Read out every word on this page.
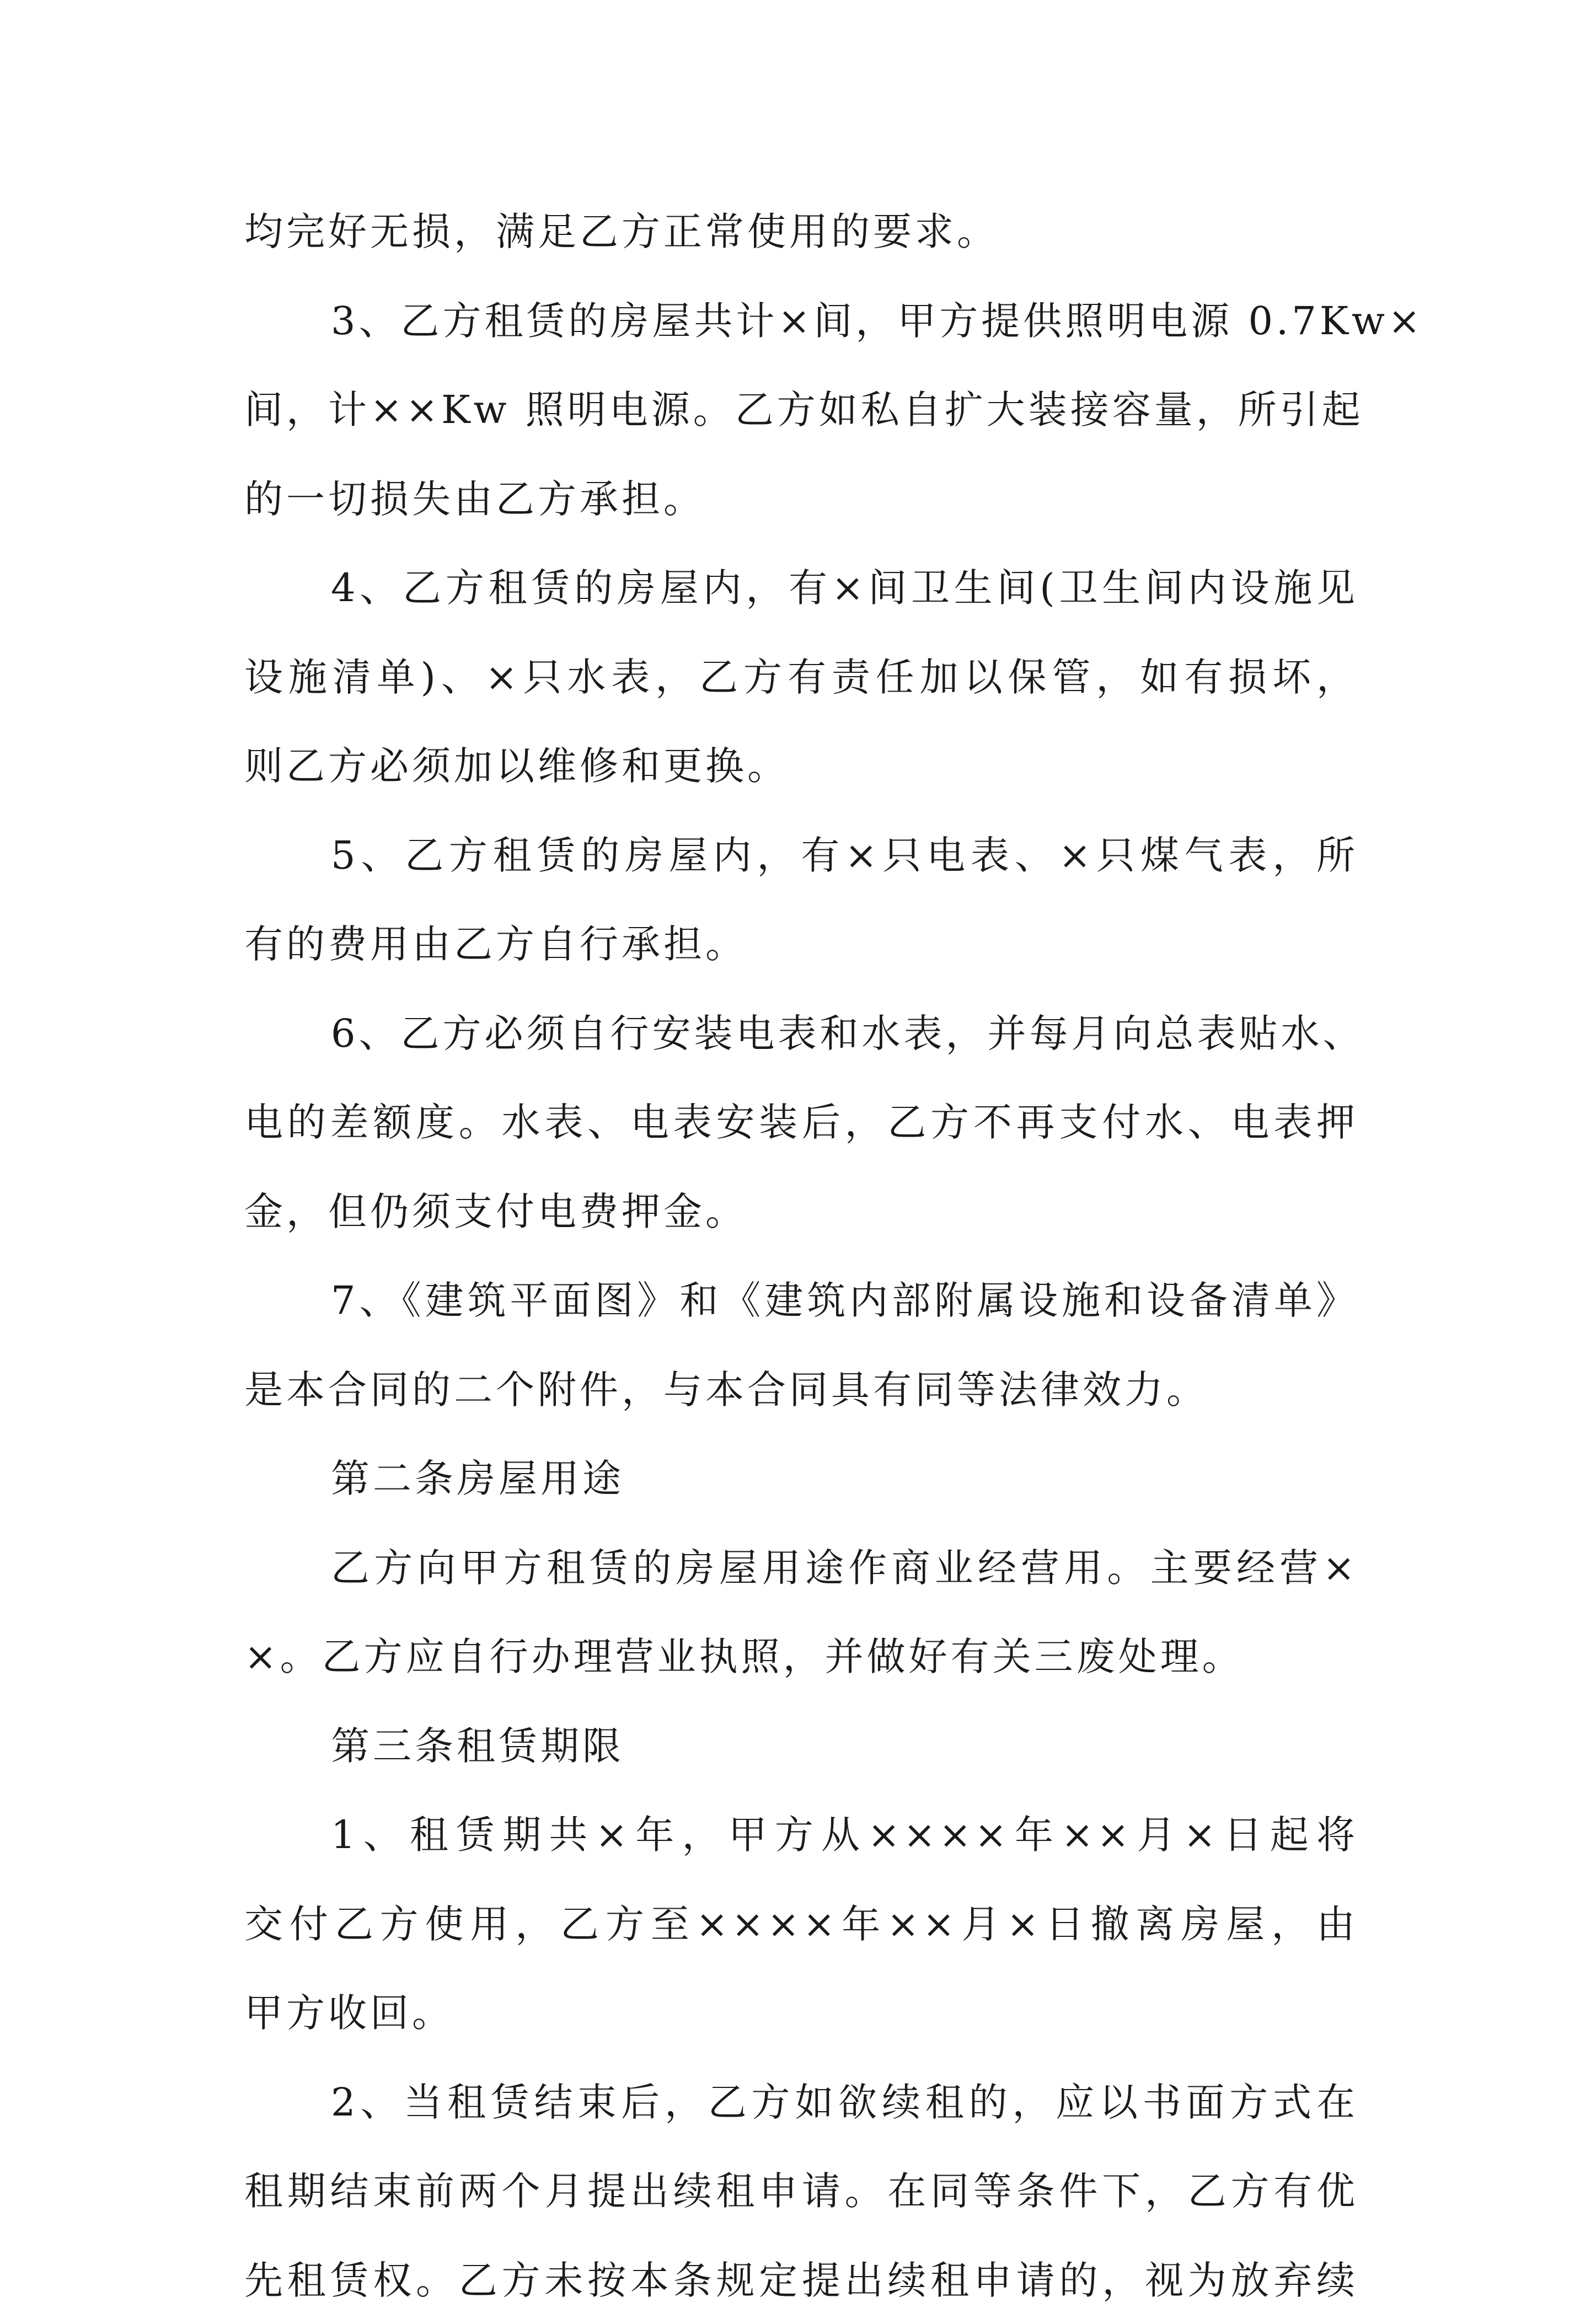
均完好无损，满足乙方正常使用的要求。
3、乙方租赁的房屋共计×间，甲方提供照明电源 0.7Kw×
间，计××Kw 照明电源。乙方如私自扩大装接容量，所引起
的一切损失由乙方承担。
4、乙方租赁的房屋内，有×间卫生间(卫生间内设施见
设施清单)、×只水表，乙方有责任加以保管，如有损坏，
则乙方必须加以维修和更换。
5、乙方租赁的房屋内，有×只电表、×只煤气表，所
有的费用由乙方自行承担。
6、乙方必须自行安装电表和水表，并每月向总表贴水、
电的差额度。水表、电表安装后，乙方不再支付水、电表押
金，但仍须支付电费押金。
7、《建筑平面图》和《建筑内部附属设施和设备清单》
是本合同的二个附件，与本合同具有同等法律效力。
第二条房屋用途
乙方向甲方租赁的房屋用途作商业经营用。主要经营×
×。乙方应自行办理营业执照，并做好有关三废处理。
第三条租赁期限
1、租赁期共×年，甲方从××××年××月×日起将
交付乙方使用，乙方至××××年××月×日撤离房屋，由
甲方收回。
2、当租赁结束后，乙方如欲续租的，应以书面方式在
租期结束前两个月提出续租申请。在同等条件下，乙方有优
先租赁权。乙方未按本条规定提出续租申请的，视为放弃续
